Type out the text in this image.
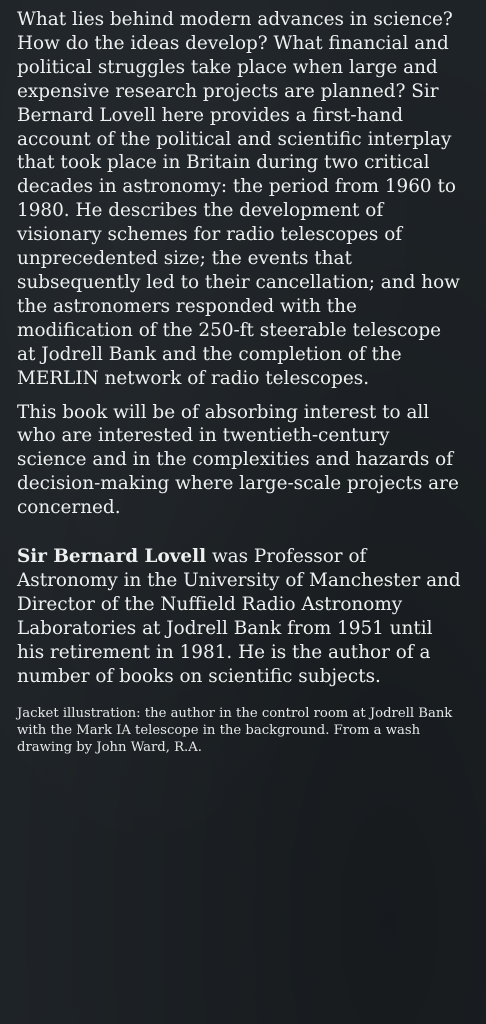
What lies behind modern advances in science? How do the ideas develop? What financial and political struggles take place when large and expensive research projects are planned? Sir Bernard Lovell here provides a first-hand account of the political and scientific interplay that took place in Britain during two critical decades in astronomy: the period from 1960 to 1980. He describes the development of visionary schemes for radio telescopes of unprecedented size; the events that subsequently led to their cancellation; and how the astronomers responded with the modification of the 250-ft steerable telescope at Jodrell Bank and the completion of the MERLIN network of radio telescopes.

This book will be of absorbing interest to all who are interested in twentieth-century science and in the complexities and hazards of decision-making where large-scale projects are concerned.

Sir Bernard Lovell was Professor of Astronomy in the University of Manchester and Director of the Nuffield Radio Astronomy Laboratories at Jodrell Bank from 1951 until his retirement in 1981. He is the author of a number of books on scientific subjects.

Jacket illustration: the author in the control room at Jodrell Bank with the Mark IA telescope in the background. From a wash drawing by John Ward, R.A.
